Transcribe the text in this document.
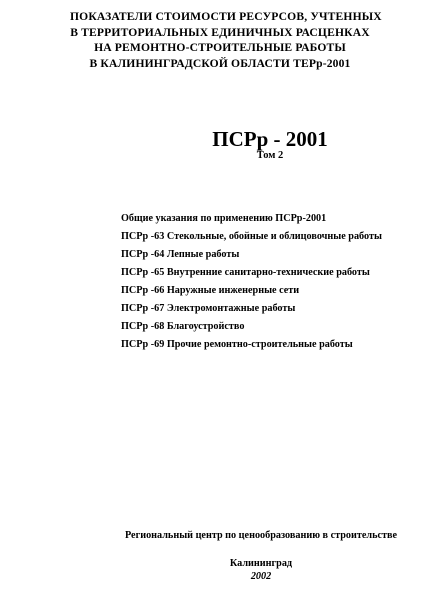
ПОКАЗАТЕЛИ СТОИМОСТИ РЕСУРСОВ, УЧТЕННЫХ
В ТЕРРИТОРИАЛЬНЫХ ЕДИНИЧНЫХ РАСЦЕНКАХ
НА РЕМОНТНО-СТРОИТЕЛЬНЫЕ РАБОТЫ
В КАЛИНИНГРАДСКОЙ ОБЛАСТИ ТЕРр-2001
ПСРр - 2001
Том 2
Общие указания по применению ПСРр-2001
ПСРр -63 Стекольные, обойные и облицовочные работы
ПСРр -64 Лепные работы
ПСРр -65 Внутренние санитарно-технические работы
ПСРр -66 Наружные инженерные сети
ПСРр -67 Электромонтажные работы
ПСРр -68 Благоустройство
ПСРр -69 Прочие ремонтно-строительные работы
Региональный центр по ценообразованию в строительстве
Калининград
2002
